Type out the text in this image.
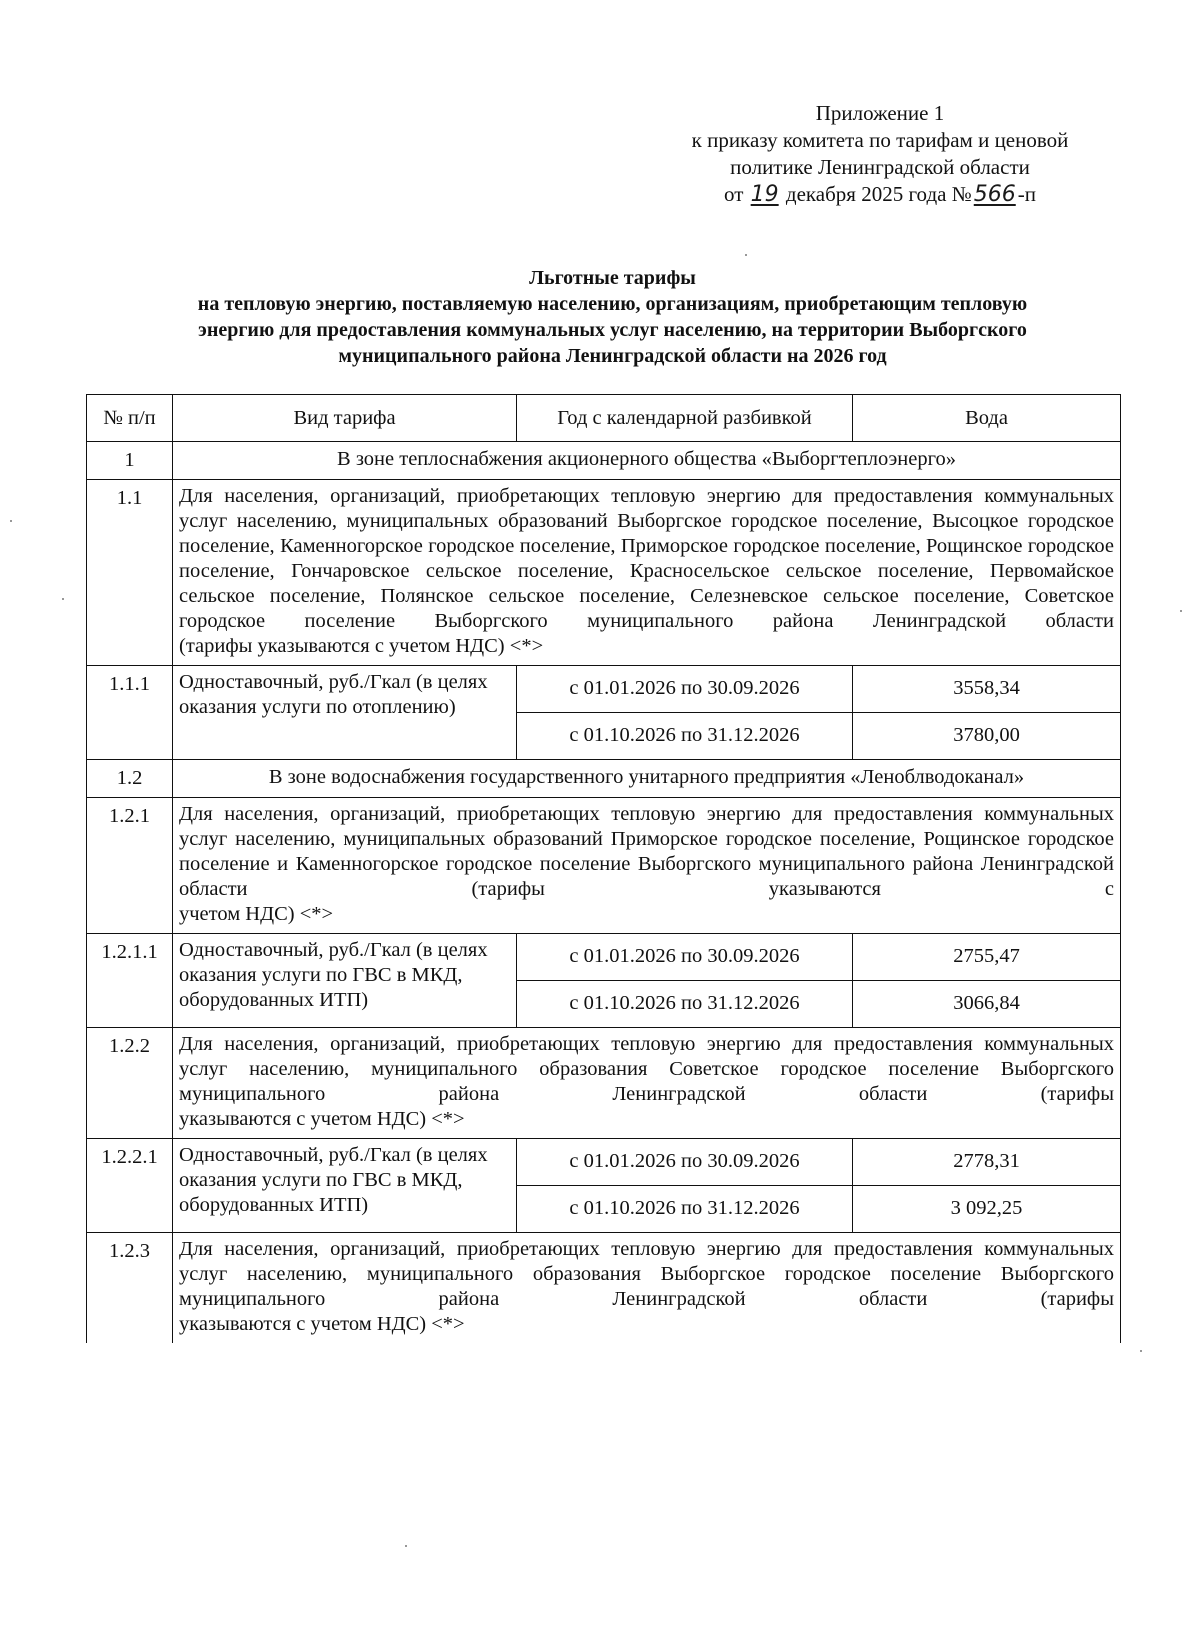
Приложение 1
к приказу комитета по тарифам и ценовой
политике Ленинградской области
от 19 декабря 2025 года №566-п
Льготные тарифы
на тепловую энергию, поставляемую населению, организациям, приобретающим тепловую
энергию для предоставления коммунальных услуг населению, на территории Выборгского
муниципального района Ленинградской области на 2026 год
№ п/п	Вид тарифа	Год с календарной разбивкой	Вода
1	В зоне теплоснабжения акционерного общества «Выборгтеплоэнерго»		
1.1	Для населения, организаций, приобретающих тепловую энергию для предоставления коммунальных услуг населению, муниципальных образований Выборгское городское поселение, Высоцкое городское поселение, Каменногорское городское поселение, Приморское городское поселение, Рощинское городское поселение, Гончаровское сельское поселение, Красносельское сельское поселение, Первомайское сельское поселение, Полянское сельское поселение, Селезневское сельское поселение, Советское городское поселение Выборгского муниципального района Ленинградской области
(тарифы указываются с учетом НДС) <*>		

1.1.1	Одноставочный, руб./Гкал (в целях оказания услуги по отоплению)	с 01.01.2026 по 30.09.2026	3558,34
		с 01.10.2026 по 31.12.2026	3780,00
1.2	В зоне водоснабжения государственного унитарного предприятия «Леноблводоканал»		
1.2.1	Для населения, организаций, приобретающих тепловую энергию для предоставления коммунальных услуг населению, муниципальных образований Приморское городское поселение, Рощинское городское поселение и Каменногорское городское поселение Выборгского муниципального района Ленинградской области (тарифы указываются с
учетом НДС) <*>		

1.2.1.1	Одноставочный, руб./Гкал (в целях оказания услуги по ГВС в МКД, оборудованных ИТП)	с 01.01.2026 по 30.09.2026	2755,47
		с 01.10.2026 по 31.12.2026	3066,84
1.2.2	Для населения, организаций, приобретающих тепловую энергию для предоставления коммунальных услуг населению, муниципального образования Советское городское поселение Выборгского муниципального района Ленинградской области (тарифы
указываются с учетом НДС) <*>		

1.2.2.1	Одноставочный, руб./Гкал (в целях оказания услуги по ГВС в МКД, оборудованных ИТП)	с 01.01.2026 по 30.09.2026	2778,31
		с 01.10.2026 по 31.12.2026	3 092,25
1.2.3	Для населения, организаций, приобретающих тепловую энергию для предоставления коммунальных услуг населению, муниципального образования Выборгское городское поселение Выборгского муниципального района Ленинградской области (тарифы
указываются с учетом НДС) <*>		
